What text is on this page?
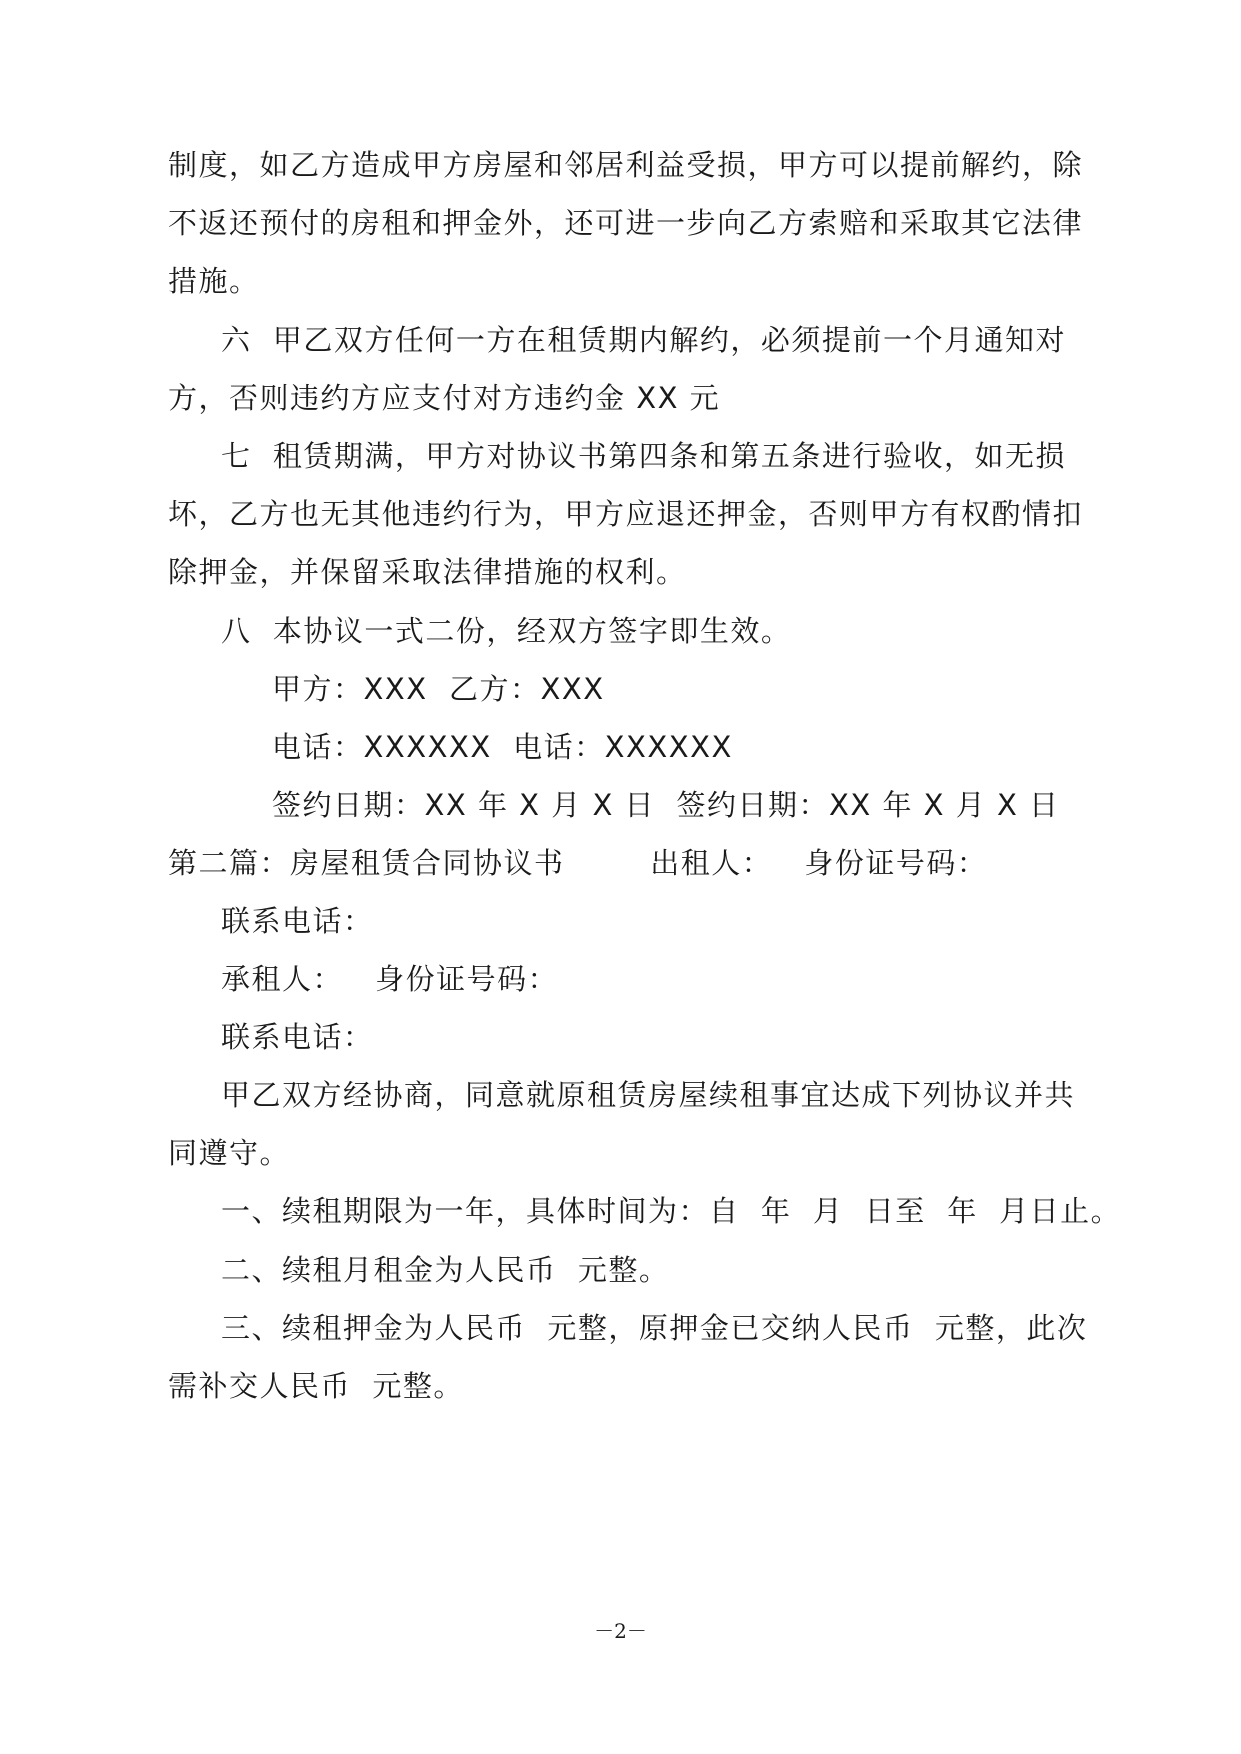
制度，如乙方造成甲方房屋和邻居利益受损，甲方可以提前解约，除
不返还预付的房租和押金外，还可进一步向乙方索赔和采取其它法律
措施。
六  甲乙双方任何一方在租赁期内解约，必须提前一个月通知对
方，否则违约方应支付对方违约金 XX 元
七  租赁期满，甲方对协议书第四条和第五条进行验收，如无损
坏，乙方也无其他违约行为，甲方应退还押金，否则甲方有权酌情扣
除押金，并保留采取法律措施的权利。
八  本协议一式二份，经双方签字即生效。
甲方：XXX  乙方：XXX
电话：XXXXXX  电话：XXXXXX
签约日期：XX 年 X 月 X 日  签约日期：XX 年 X 月 X 日
第二篇：房屋租赁合同协议书        出租人：   身份证号码：
联系电话：
承租人：   身份证号码：
联系电话：
甲乙双方经协商，同意就原租赁房屋续租事宜达成下列协议并共
同遵守。
一、续租期限为一年，具体时间为：自  年  月  日至  年  月日止。
二、续租月租金为人民币  元整。
三、续租押金为人民币  元整，原押金已交纳人民币  元整，此次
需补交人民币  元整。
－2－
